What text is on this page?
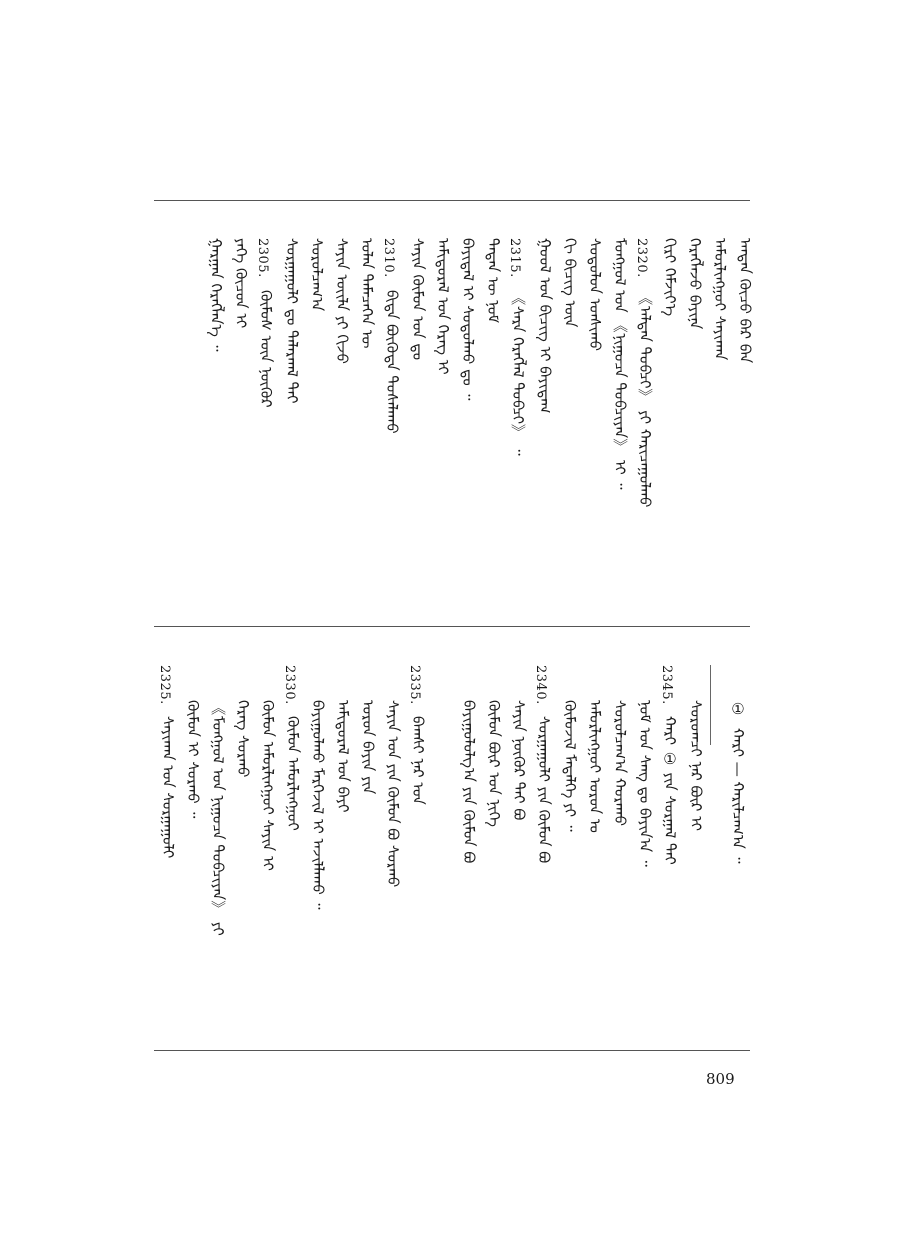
2320.
2315.
2310.
2305.	ᠠᠨᠳᠠᠨ ᠬᠦᠴᠦ ᠪᠡᠷ ᠪᠡᠨ
ᠠᠮᠤᠷᠯᠢᠩᠭᠤᠢ ᠰᠠᠶᠢᠬᠠᠨ
ᠬᠡᠷᠡᠭᠯᠡᠵᠦ ᠪᠠᠶᠢᠨᠠ
ᠬᠢᠷᠢ ᠬᠡᠮᠵᠢᠶ᠎ᠡ
《ᠠᠯᠲᠠᠨ ᠲᠣᠪᠴᠢ》 ᠶᠢ ᠬᠠᠷᠢᠴᠠᠭᠤᠯᠬᠤ
ᠮᠣᠩᠭᠣᠯ ᠤᠨ 《ᠨᠢᠭᠤᠴᠠ ᠲᠣᠪᠴᠢᠶᠠᠨ》 ᠢ ᠃
ᠰᠤᠳᠤᠯᠤᠨ ᠤᠨᠰᠢᠬᠤ
ᠬᠢ ᠪᠢᠴᠢᠭ ᠦᠨ
ᠭᠣᠣᠯ ᠤᠨ ᠪᠢᠴᠢᠭ ᠢ ᠪᠠᠶᠢᠳᠠᠭ
《ᠰᠠᠷᠠ ᠬᠡᠷᠡᠭᠯᠡᠯ ᠲᠣᠪᠴᠢ》 ᠃
ᠲᠡᠳᠡᠨ ᠦ ᠨᠣᠮ
ᠪᠠᠶᠢᠳᠠᠯ ᠢ ᠰᠤᠳᠤᠯᠬᠤ ᠳᠤ ᠃
ᠠᠮᠢᠳᠤᠷᠠᠯ ᠤᠨ ᠬᠡᠷᠡᠭ ᠢ
ᠰᠠᠶᠢᠨ ᠬᠦᠮᠦᠨ ᠤᠨ ᠳᠤ
ᠪᠢᠳᠡ ᠪᠦᠭᠦᠳᠡ ᠲᠤᠰᠠᠯᠠᠬᠤ
ᠣᠯᠠᠨ ᠲᠡᠮᠡᠴᠡᠭᠡᠨ ᠦ
ᠰᠠᠶᠢᠨ ᠦᠢᠯᠡ ᠶᠢ ᠬᠢᠵᠦ
ᠰᠤᠷᠤᠯᠴᠠᠭ᠎ᠠ
ᠰᠤᠷᠭᠠᠭᠤᠯᠢ ᠳᠤ ᠲᠠᠯᠠᠷᠬᠠᠯ ᠲᠠᠢ
ᠬᠦᠮᠦᠰ ᠦᠨ ᠨᠥᠬᠦᠷ
ᠶᠡᠬᠡ ᠬᠦᠴᠦᠨ ᠢ
ᠭᠠᠷᠭᠠᠨ ᠬᠡᠷᠡᠭᠯᠡᠨ᠎ᠡ ᠃
①
ᠬᠠᠷᠢ — ᠬᠠᠷᠢᠯᠴᠠᠭ᠎ᠠ ᠃
2345.
2340.
2335.
2330.
2325.
ᠰᠤᠷᠤᠭᠴᠢ ᠨᠠᠷ ᠪᠦᠷ ᠢ
ᠬᠠᠷᠢ ① ᠶᠢᠨ ᠰᠤᠷᠭᠠᠯ ᠲᠠᠢ
ᠨᠣᠮ ᠤᠨ ᠰᠠᠩ ᠳᠤ ᠪᠠᠶᠢᠨ᠎ᠠ ᠃
ᠰᠤᠷᠤᠯᠴᠠᠭ᠎ᠠ ᠬᠤᠷᠠᠬᠤ
ᠠᠮᠤᠷᠯᠢᠩᠭᠤᠢ ᠣᠷᠣᠨ ᠤ
ᠬᠦᠮᠦᠵᠢᠯ ᠮᠡᠳᠡᠯᠭᠡ ᠶᠢ ᠃
ᠰᠤᠷᠭᠠᠭᠤᠯᠢ ᠶᠢᠨ ᠬᠦᠮᠦᠨ ᠪᠤ
ᠰᠠᠶᠢᠨ ᠨᠥᠬᠦᠷ ᠲᠠᠢ ᠪᠣ
ᠬᠦᠮᠦᠨ ᠪᠦᠷ ᠤᠨ ᠨᠢᠭᠡ
ᠪᠠᠶᠢᠭᠤᠯᠤᠯᠭ᠎ᠠ ᠶᠢᠨ ᠬᠦᠮᠦᠨ ᠪᠣ
ᠪᠠᠭᠰᠢ ᠨᠠᠷ ᠤᠨ
ᠰᠠᠶᠢᠨ ᠤᠨ ᠶᠢᠨ ᠬᠦᠮᠦᠨ ᠪᠣ ᠰᠤᠷᠬᠤ
ᠣᠷᠣᠨ ᠪᠠᠶᠢᠨ ᠶᠢᠨ
ᠠᠮᠢᠳᠤᠷᠠᠯ ᠤᠨ ᠪᠠᠶᠢ
ᠪᠠᠶᠢᠭᠤᠯᠬᠤ ᠮᠡᠷᠭᠡᠵᠢᠯ ᠢ ᠠᠵᠢᠯᠯᠠᠬᠤ ᠃
ᠬᠦᠮᠦᠨ ᠠᠮᠤᠷᠯᠢᠩᠭᠤᠢ
ᠬᠦᠮᠦᠨ ᠠᠮᠤᠷᠯᠢᠩᠭᠤᠢ ᠰᠠᠶᠢᠨ ᠢ
ᠬᠡᠷᠡᠭ ᠰᠤᠷᠬᠤ
《ᠮᠣᠩᠭᠣᠯ ᠤᠨ ᠨᠢᠭᠤᠴᠠ ᠲᠣᠪᠴᠢᠶᠠᠨ》 ᠶᠢ
ᠬᠦᠮᠦᠨ ᠢ ᠰᠤᠷᠬᠤ ᠃
ᠰᠠᠶᠢᠬᠠᠨ ᠤᠨ ᠰᠤᠷᠭᠠᠭᠤᠯᠢ
809
